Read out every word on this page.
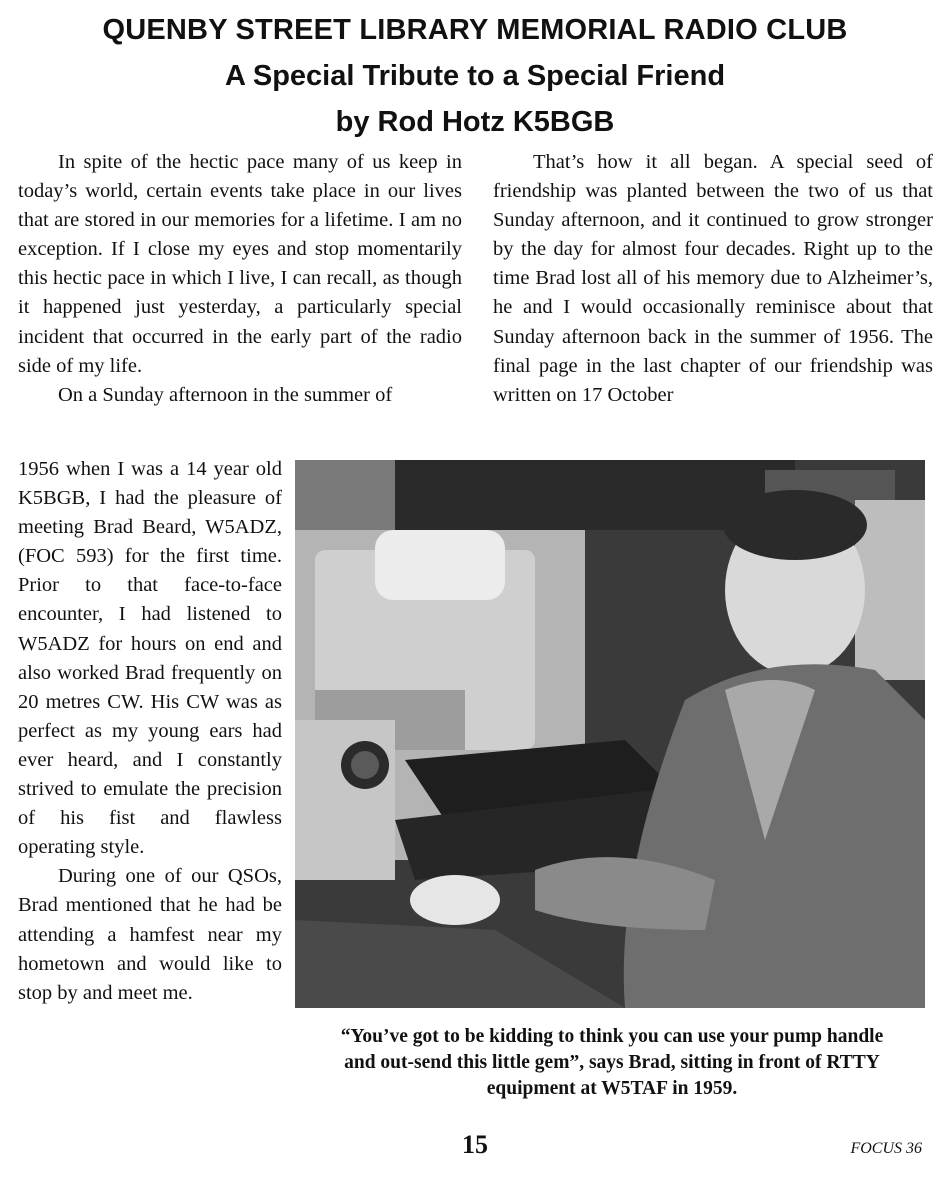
QUENBY STREET LIBRARY MEMORIAL RADIO CLUB
A Special Tribute to a Special Friend
by Rod Hotz K5BGB

In spite of the hectic pace many of us keep in today’s world, certain events take place in our lives that are stored in our memories for a lifetime. I am no exception. If I close my eyes and stop momentarily this hectic pace in which I live, I can recall, as though it happened just yesterday, a particularly special incident that occurred in the early part of the radio side of my life.

On a Sunday afternoon in the summer of

1956 when I was a 14 year old K5BGB, I had the pleasure of meeting Brad Beard, W5ADZ, (FOC 593) for the first time. Prior to that face-to-face encounter, I had listened to W5ADZ for hours on end and also worked Brad frequently on 20 metres CW. His CW was as perfect as my young ears had ever heard, and I constantly strived to emulate the precision of his fist and flawless operating style.

During one of our QSOs, Brad mentioned that he had be attending a hamfest near my hometown and would like to stop by and meet me.

That’s how it all began. A special seed of friendship was planted between the two of us that Sunday afternoon, and it continued to grow stronger by the day for almost four decades. Right up to the time Brad lost all of his memory due to Alzheimer’s, he and I would occasionally reminisce about that Sunday afternoon back in the summer of 1956. The final page in the last chapter of our friendship was written on 17 October

“You’ve got to be kidding to think you can use your pump handle
and out-send this little gem”, says Brad, sitting in front of RTTY
equipment at W5TAF in 1959.
15	FOCUS 36
